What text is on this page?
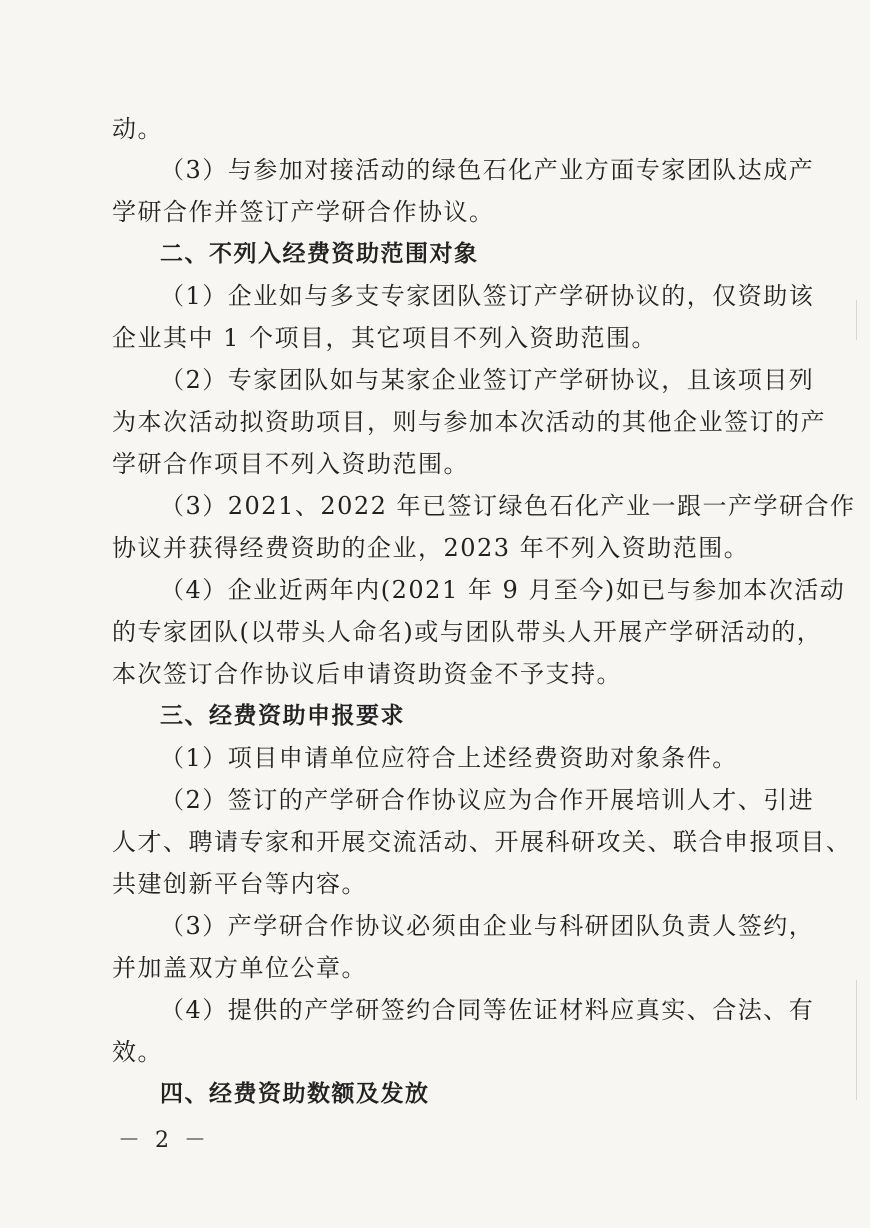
动。
（3）与参加对接活动的绿色石化产业方面专家团队达成产
学研合作并签订产学研合作协议。
二、不列入经费资助范围对象
（1）企业如与多支专家团队签订产学研协议的，仅资助该
企业其中 1 个项目，其它项目不列入资助范围。
（2）专家团队如与某家企业签订产学研协议，且该项目列
为本次活动拟资助项目，则与参加本次活动的其他企业签订的产
学研合作项目不列入资助范围。
（3）2021、2022 年已签订绿色石化产业一跟一产学研合作
协议并获得经费资助的企业，2023 年不列入资助范围。
（4）企业近两年内(2021 年 9 月至今)如已与参加本次活动
的专家团队(以带头人命名)或与团队带头人开展产学研活动的，
本次签订合作协议后申请资助资金不予支持。
三、经费资助申报要求
（1）项目申请单位应符合上述经费资助对象条件。
（2）签订的产学研合作协议应为合作开展培训人才、引进
人才、聘请专家和开展交流活动、开展科研攻关、联合申报项目、
共建创新平台等内容。
（3）产学研合作协议必须由企业与科研团队负责人签约，
并加盖双方单位公章。
（4）提供的产学研签约合同等佐证材料应真实、合法、有
效。
四、经费资助数额及发放
－ 2 －
